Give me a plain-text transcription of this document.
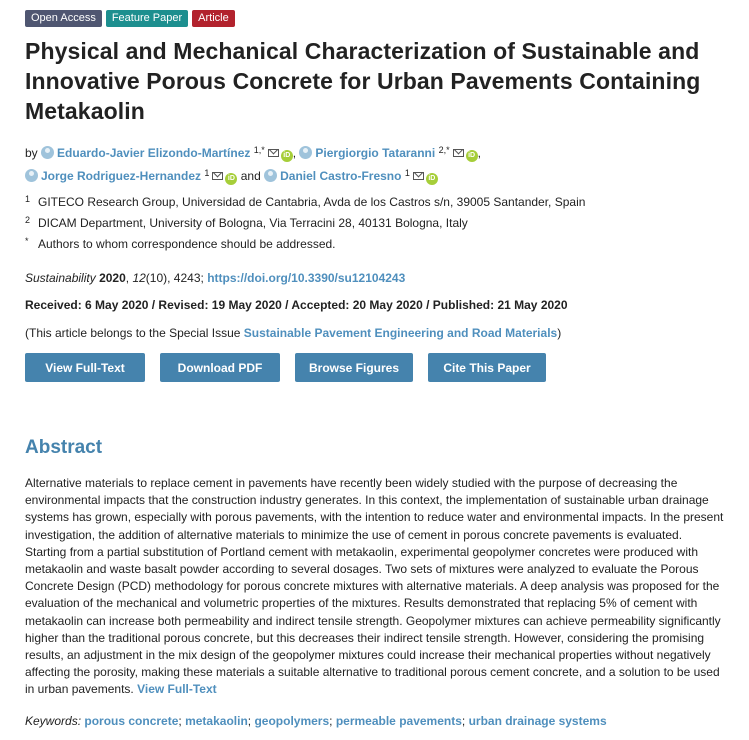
Open Access	Feature Paper	Article
Physical and Mechanical Characterization of Sustainable and Innovative Porous Concrete for Urban Pavements Containing Metakaolin
by Eduardo-Javier Elizondo-Martínez $^{1,*}$iD , Piergiorgio Tataranni $^{2,*}$iD ,
Jorge Rodriguez-Hernandez $^1$iD and Daniel Castro-Fresno $^1$iD
1 GITECO Research Group, Universidad de Cantabria, Avda de los Castros s/n, 39005 Santander, Spain
2 DICAM Department, University of Bologna, Via Terracini 28, 40131 Bologna, Italy
* Authors to whom correspondence should be addressed.
Sustainability 2020, 12(10), 4243; https://doi.org/10.3390/su12104243
Received: 6 May 2020 / Revised: 19 May 2020 / Accepted: 20 May 2020 / Published: 21 May 2020
(This article belongs to the Special Issue Sustainable Pavement Engineering and Road Materials)
View Full-Text	Download PDF	Browse Figures	Cite This Paper
Abstract
Alternative materials to replace cement in pavements have recently been widely studied with the purpose of decreasing the environmental impacts that the construction industry generates. In this context, the implementation of sustainable urban drainage systems has grown, especially with porous pavements, with the intention to reduce water and environmental impacts. In the present investigation, the addition of alternative materials to minimize the use of cement in porous concrete pavements is evaluated. Starting from a partial substitution of Portland cement with metakaolin, experimental geopolymer concretes were produced with metakaolin and waste basalt powder according to several dosages. Two sets of mixtures were analyzed to evaluate the Porous Concrete Design (PCD) methodology for porous concrete mixtures with alternative materials. A deep analysis was proposed for the evaluation of the mechanical and volumetric properties of the mixtures. Results demonstrated that replacing 5% of cement with metakaolin can increase both permeability and indirect tensile strength. Geopolymer mixtures can achieve permeability significantly higher than the traditional porous concrete, but this decreases their indirect tensile strength. However, considering the promising results, an adjustment in the mix design of the geopolymer mixtures could increase their mechanical properties without negatively affecting the porosity, making these materials a suitable alternative to traditional porous cement concrete, and a solution to be used in urban pavements. View Full-Text
Keywords: porous concrete; metakaolin; geopolymers; permeable pavements; urban drainage systems
